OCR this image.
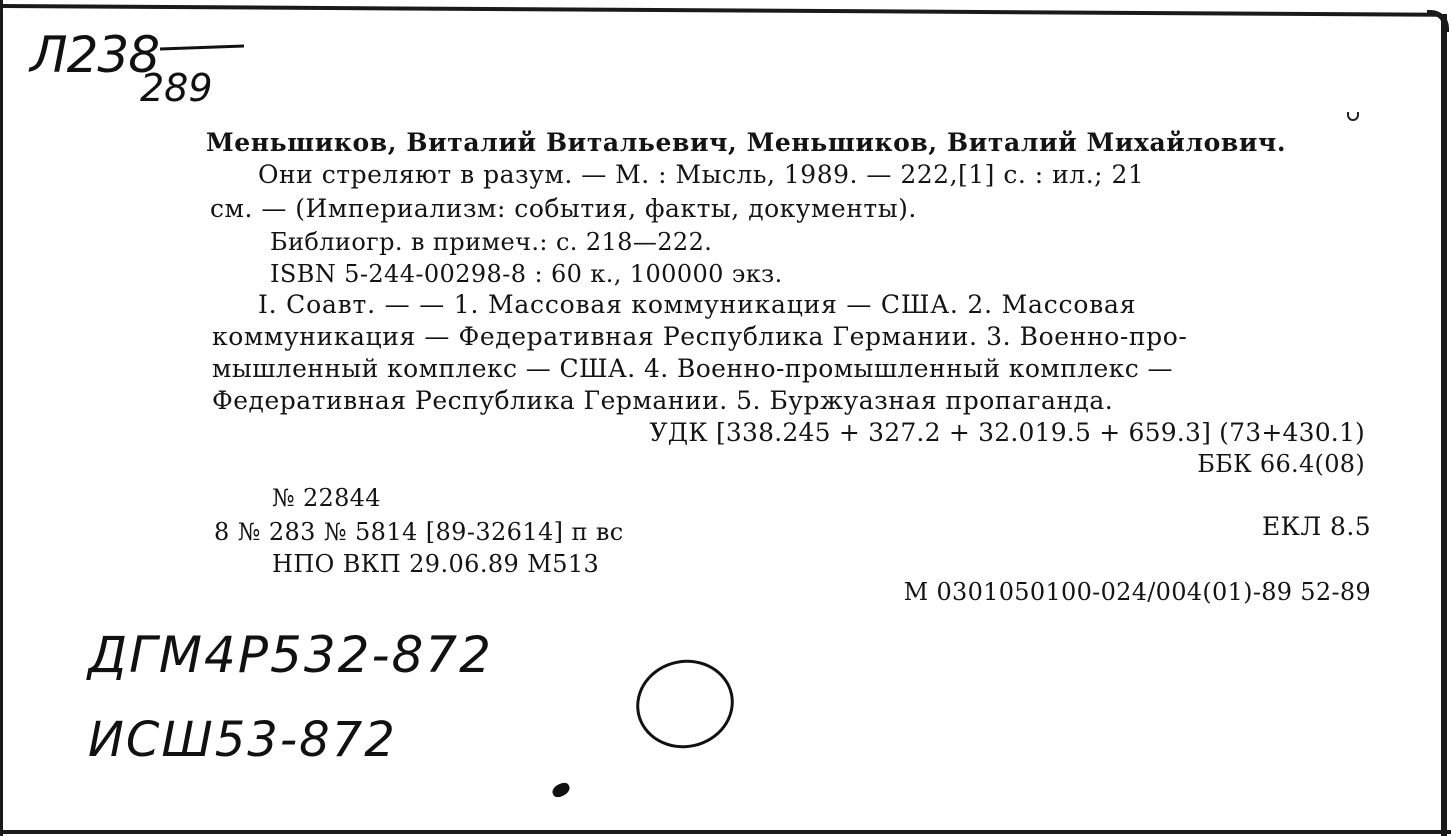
Л238
289
Меньшиков, Виталий Витальевич, Меньшиков, Виталий Михайлович.
Они стреляют в разум. — М. : Мысль, 1989. — 222,[1] с. : ил.; 21
см. — (Империализм: события, факты, документы).
Библиогр. в примеч.: с. 218—222.
ISBN 5-244-00298-8 : 60 к., 100000 экз.
I. Соавт. — — 1. Массовая коммуникация — США. 2. Массовая
коммуникация — Федеративная Республика Германии. 3. Военно-про-
мышленный комплекс — США. 4. Военно-промышленный комплекс —
Федеративная Республика Германии. 5. Буржуазная пропаганда.
УДК [338.245 + 327.2 + 32.019.5 + 659.3] (73+430.1)
ББК 66.4(08)
№ 22844
8 № 283 № 5814 [89-32614] п вс
НПО ВКП 29.06.89 М513
ЕКЛ 8.5
М 0301050100-024/004(01)-89 52-89
ДГМ4Р532-872
ИСШ53-872
